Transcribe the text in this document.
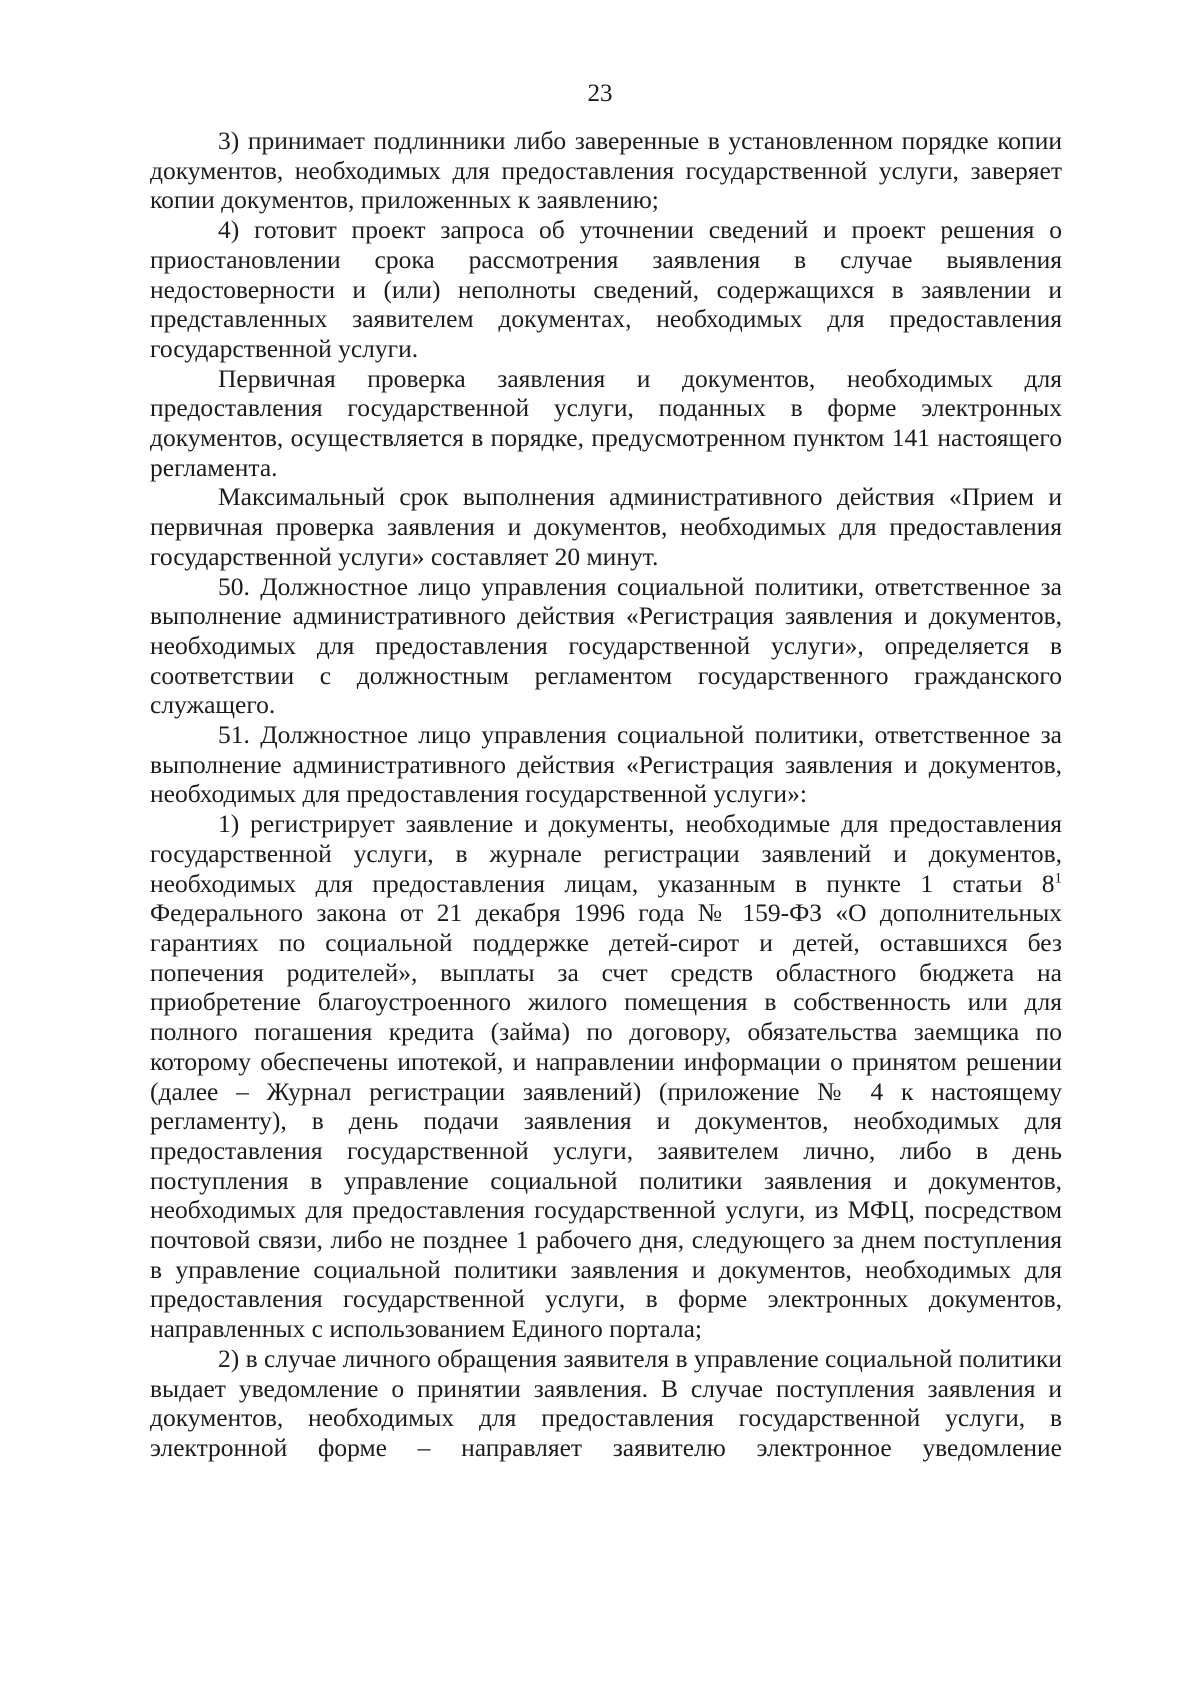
23

3) принимает подлинники либо заверенные в установленном порядке копии документов, необходимых для предоставления государственной услуги, заверяет копии документов, приложенных к заявлению;

4) готовит проект запроса об уточнении сведений и проект решения о приостановлении срока рассмотрения заявления в случае выявления недостоверности и (или) неполноты сведений, содержащихся в заявлении и представленных заявителем документах, необходимых для предоставления государственной услуги.

Первичная проверка заявления и документов, необходимых для предоставления государственной услуги, поданных в форме электронных документов, осуществляется в порядке, предусмотренном пунктом 141 настоящего регламента.

Максимальный срок выполнения административного действия «Прием и первичная проверка заявления и документов, необходимых для предоставления государственной услуги» составляет 20 минут.

50. Должностное лицо управления социальной политики, ответственное за выполнение административного действия «Регистрация заявления и документов, необходимых для предоставления государственной услуги», определяется в соответствии с должностным регламентом государственного гражданского служащего.

51. Должностное лицо управления социальной политики, ответственное за выполнение административного действия «Регистрация заявления и документов, необходимых для предоставления государственной услуги»:

1) регистрирует заявление и документы, необходимые для предоставления государственной услуги, в журнале регистрации заявлений и документов, необходимых для предоставления лицам, указанным в пункте 1 статьи $8^1$ Федерального закона от 21 декабря 1996 года № 159-ФЗ «О дополнительных гарантиях по социальной поддержке детей-сирот и детей, оставшихся без попечения родителей», выплаты за счет средств областного бюджета на приобретение благоустроенного жилого помещения в собственность или для полного погашения кредита (займа) по договору, обязательства заемщика по которому обеспечены ипотекой, и направлении информации о принятом решении (далее – Журнал регистрации заявлений) (приложение № 4 к настоящему регламенту), в день подачи заявления и документов, необходимых для предоставления государственной услуги, заявителем лично, либо в день поступления в управление социальной политики заявления и документов, необходимых для предоставления государственной услуги, из МФЦ, посредством почтовой связи, либо не позднее 1 рабочего дня, следующего за днем поступления в управление социальной политики заявления и документов, необходимых для предоставления государственной услуги, в форме электронных документов, направленных с использованием Единого портала;

2) в случае личного обращения заявителя в управление социальной политики выдает уведомление о принятии заявления. В случае поступления заявления и документов, необходимых для предоставления государственной услуги, в электронной форме – направляет заявителю электронное уведомление
